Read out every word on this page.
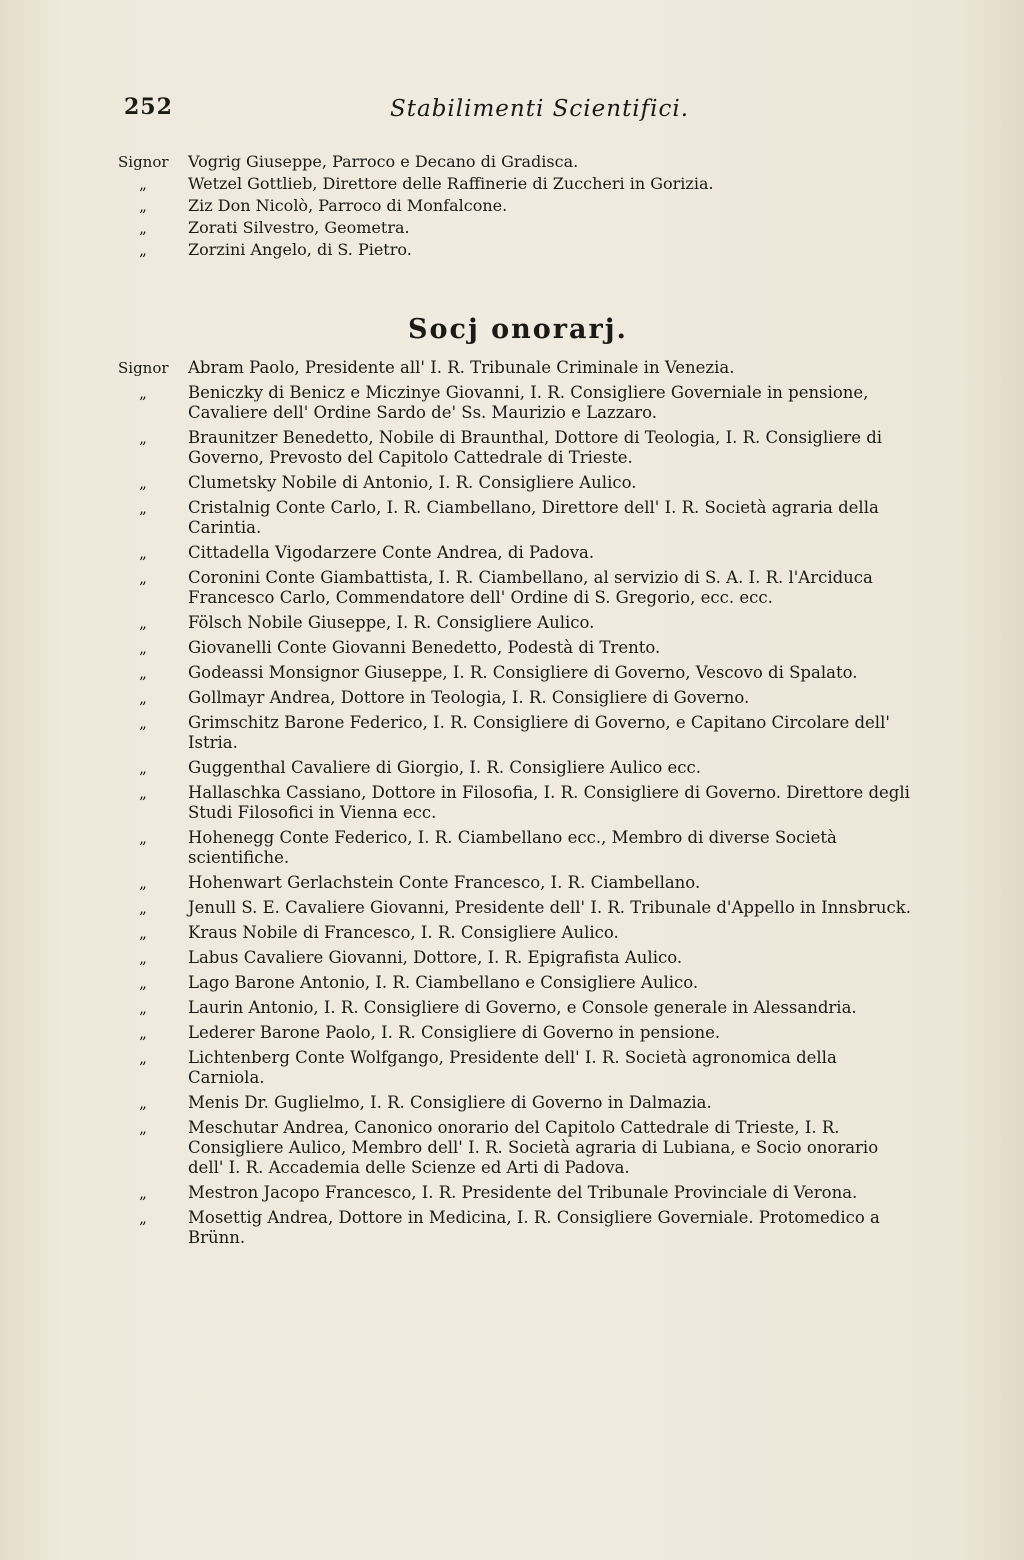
252	Stabilimenti Scientifici.
Signor	Vogrig Giuseppe, Parroco e Decano di Gradisca.
„	Wetzel Gottlieb, Direttore delle Raffinerie di Zuccheri in Gorizia.
„	Ziz Don Nicolò, Parroco di Monfalcone.
„	Zorati Silvestro, Geometra.
„	Zorzini Angelo, di S. Pietro.
Socj onorarj.
Signor	Abram Paolo, Presidente all' I. R. Tribunale Criminale in Venezia.
„	Beniczky di Benicz e Miczinye Giovanni, I. R. Consigliere Governiale in pensione, Cavaliere dell' Ordine Sardo de' Ss. Maurizio e Lazzaro.
„	Braunitzer Benedetto, Nobile di Braunthal, Dottore di Teologia, I. R. Consigliere di Governo, Prevosto del Capitolo Cattedrale di Trieste.
„	Clumetsky Nobile di Antonio, I. R. Consigliere Aulico.
„	Cristalnig Conte Carlo, I. R. Ciambellano, Direttore dell' I. R. Società agraria della Carintia.
„	Cittadella Vigodarzere Conte Andrea, di Padova.
„	Coronini Conte Giambattista, I. R. Ciambellano, al servizio di S. A. I. R. l'Arciduca Francesco Carlo, Commendatore dell' Ordine di S. Gregorio, ecc. ecc.
„	Fölsch Nobile Giuseppe, I. R. Consigliere Aulico.
„	Giovanelli Conte Giovanni Benedetto, Podestà di Trento.
„	Godeassi Monsignor Giuseppe, I. R. Consigliere di Governo, Vescovo di Spalato.
„	Gollmayr Andrea, Dottore in Teologia, I. R. Consigliere di Governo.
„	Grimschitz Barone Federico, I. R. Consigliere di Governo, e Capitano Circolare dell' Istria.
„	Guggenthal Cavaliere di Giorgio, I. R. Consigliere Aulico ecc.
„	Hallaschka Cassiano, Dottore in Filosofia, I. R. Consigliere di Governo. Direttore degli Studi Filosofici in Vienna ecc.
„	Hohenegg Conte Federico, I. R. Ciambellano ecc., Membro di diverse Società scientifiche.
„	Hohenwart Gerlachstein Conte Francesco, I. R. Ciambellano.
„	Jenull S. E. Cavaliere Giovanni, Presidente dell' I. R. Tribunale d'Appello in Innsbruck.
„	Kraus Nobile di Francesco, I. R. Consigliere Aulico.
„	Labus Cavaliere Giovanni, Dottore, I. R. Epigrafista Aulico.
„	Lago Barone Antonio, I. R. Ciambellano e Consigliere Aulico.
„	Laurin Antonio, I. R. Consigliere di Governo, e Console generale in Alessandria.
„	Lederer Barone Paolo, I. R. Consigliere di Governo in pensione.
„	Lichtenberg Conte Wolfgango, Presidente dell' I. R. Società agronomica della Carniola.
„	Menis Dr. Guglielmo, I. R. Consigliere di Governo in Dalmazia.
„	Meschutar Andrea, Canonico onorario del Capitolo Cattedrale di Trieste, I. R. Consigliere Aulico, Membro dell' I. R. Società agraria di Lubiana, e Socio onorario dell' I. R. Accademia delle Scienze ed Arti di Padova.
„	Mestron Jacopo Francesco, I. R. Presidente del Tribunale Provinciale di Verona.
„	Mosettig Andrea, Dottore in Medicina, I. R. Consigliere Governiale. Protomedico a Brünn.
